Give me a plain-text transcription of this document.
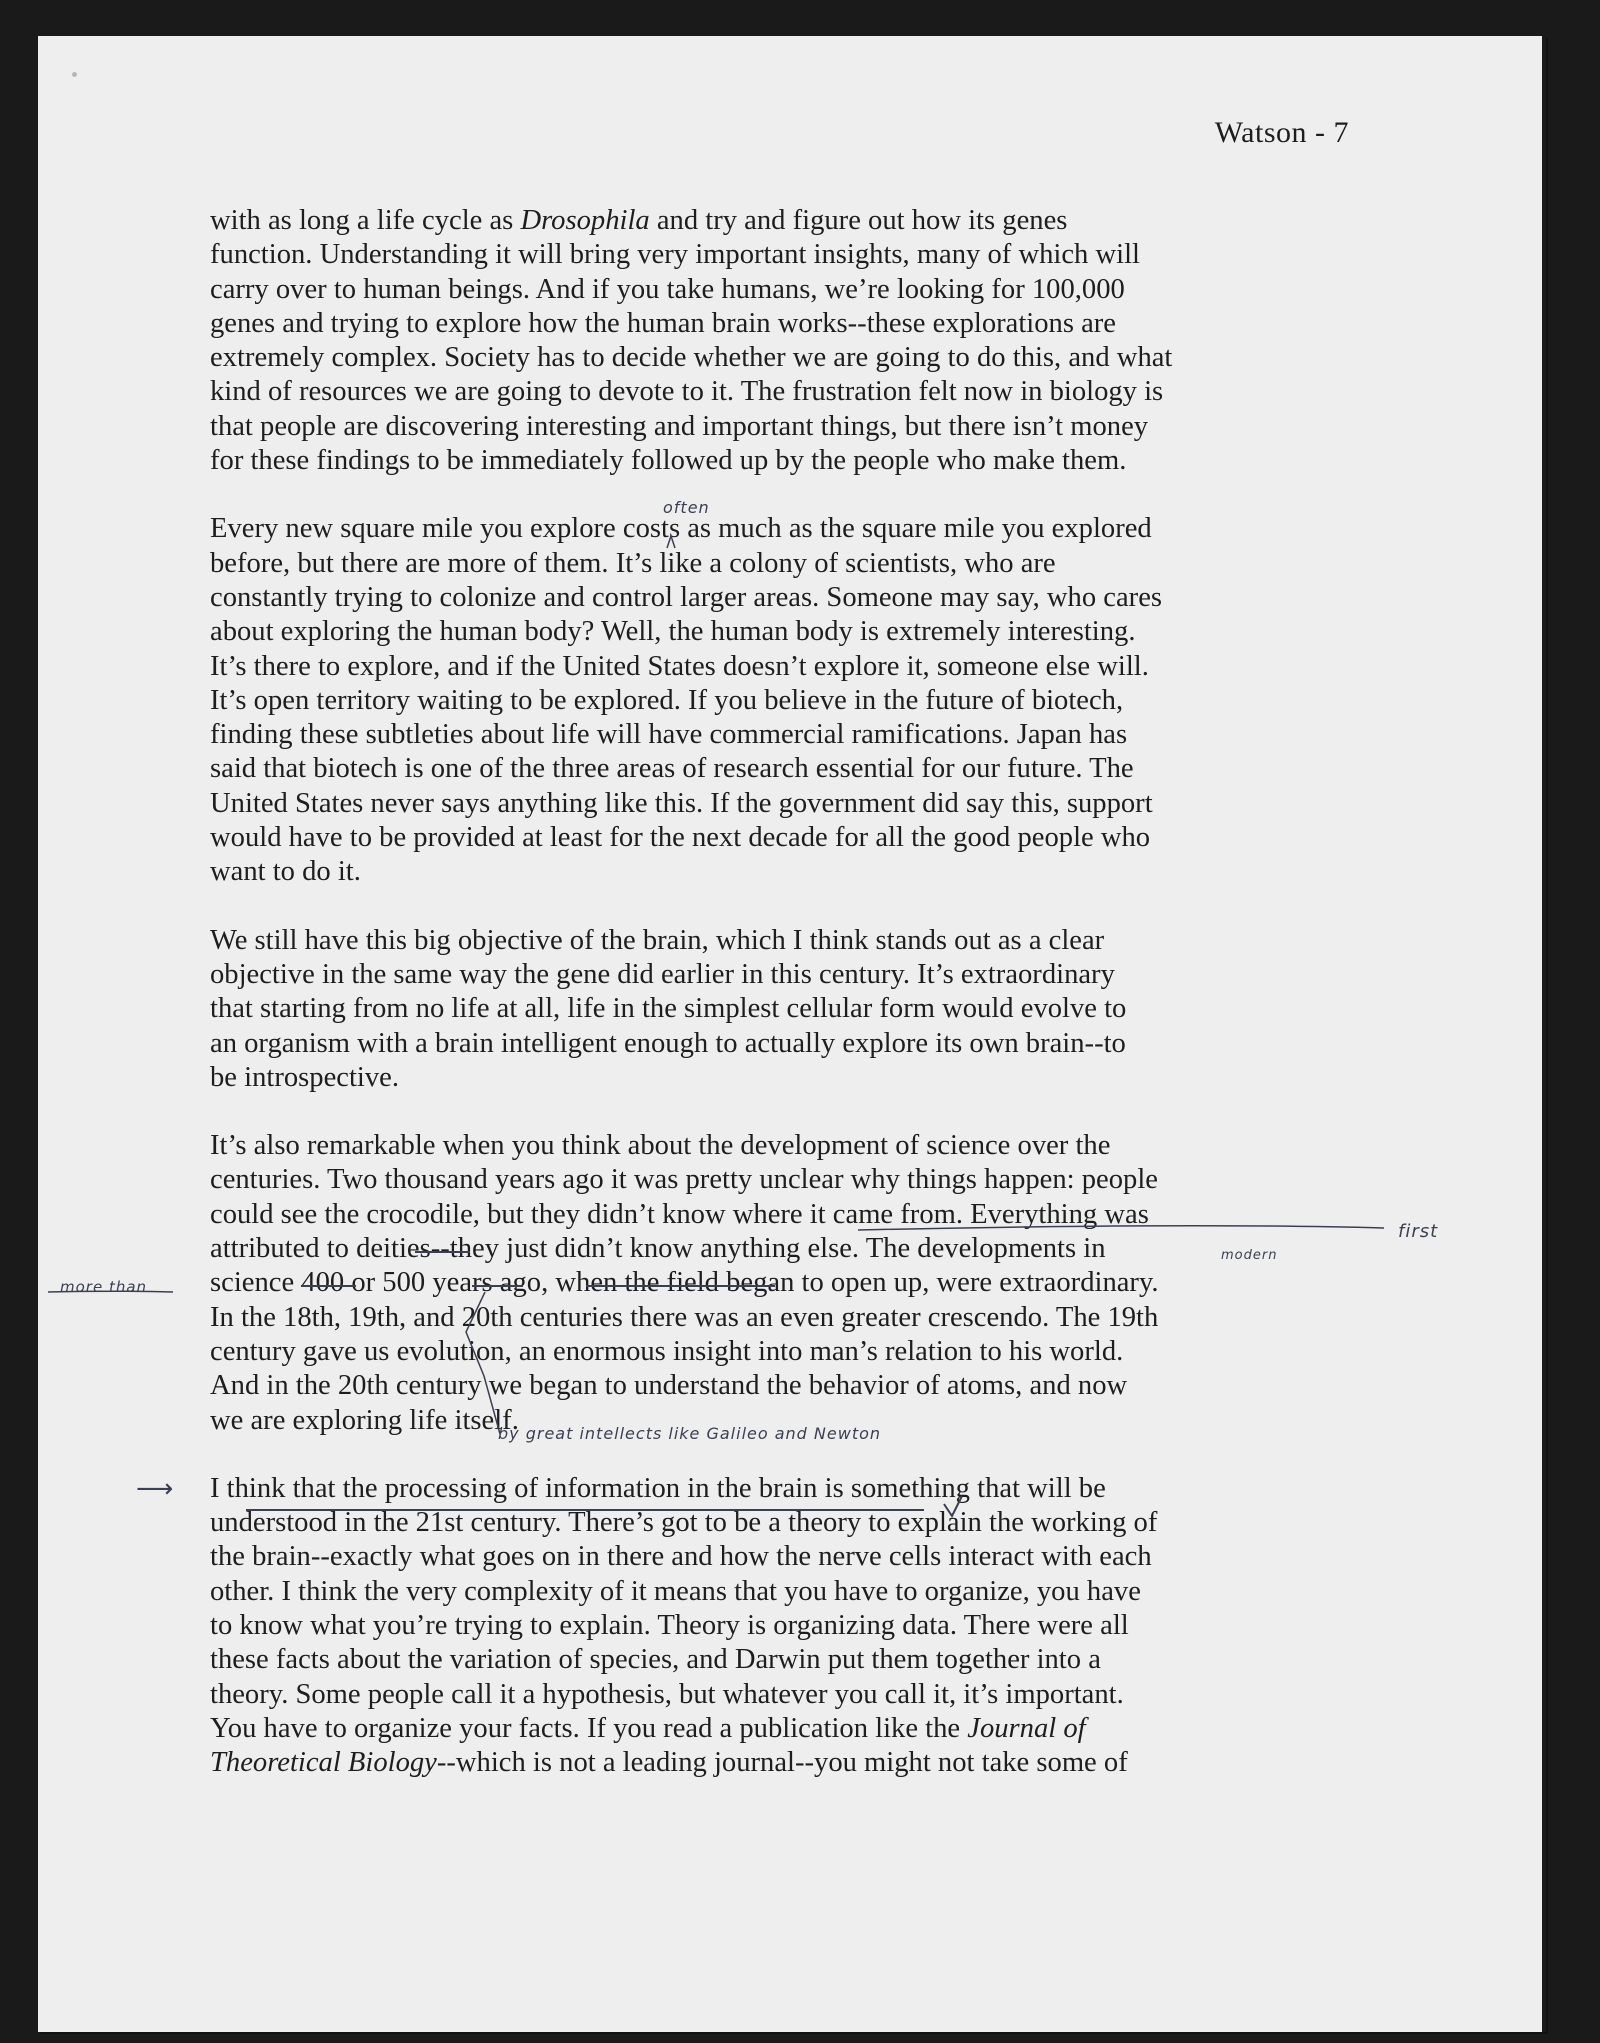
Watson - 7
with as long a life cycle as Drosophila and try and figure out how its genes
function. Understanding it will bring very important insights, many of which will
carry over to human beings. And if you take humans, we’re looking for 100,000
genes and trying to explore how the human brain works--these explorations are
extremely complex. Society has to decide whether we are going to do this, and what
kind of resources we are going to devote to it. The frustration felt now in biology is
that people are discovering interesting and important things, but there isn’t money
for these findings to be immediately followed up by the people who make them.
Every new square mile you explore costs as much as the square mile you explored
before, but there are more of them. It’s like a colony of scientists, who are
constantly trying to colonize and control larger areas. Someone may say, who cares
about exploring the human body? Well, the human body is extremely interesting.
It’s there to explore, and if the United States doesn’t explore it, someone else will.
It’s open territory waiting to be explored. If you believe in the future of biotech,
finding these subtleties about life will have commercial ramifications. Japan has
said that biotech is one of the three areas of research essential for our future. The
United States never says anything like this. If the government did say this, support
would have to be provided at least for the next decade for all the good people who
want to do it.
We still have this big objective of the brain, which I think stands out as a clear
objective in the same way the gene did earlier in this century. It’s extraordinary
that starting from no life at all, life in the simplest cellular form would evolve to
an organism with a brain intelligent enough to actually explore its own brain--to
be introspective.
It’s also remarkable when you think about the development of science over the
centuries. Two thousand years ago it was pretty unclear why things happen: people
could see the crocodile, but they didn’t know where it came from. Everything was
attributed to deities--they just didn’t know anything else. The developments in
science 400 or 500 years ago, when the field began to open up, were extraordinary.
In the 18th, 19th, and 20th centuries there was an even greater crescendo. The 19th
century gave us evolution, an enormous insight into man’s relation to his world.
And in the 20th century we began to understand the behavior of atoms, and now
we are exploring life itself.
I think that the processing of information in the brain is something that will be
understood in the 21st century. There’s got to be a theory to explain the working of
the brain--exactly what goes on in there and how the nerve cells interact with each
other. I think the very complexity of it means that you have to organize, you have
to know what you’re trying to explain. Theory is organizing data. There were all
these facts about the variation of species, and Darwin put them together into a
theory. Some people call it a hypothesis, but whatever you call it, it’s important.
You have to organize your facts. If you read a publication like the Journal of
Theoretical Biology--which is not a leading journal--you might not take some of
often
first
more than
modern
by great intellects like Galileo and Newton
⟶
